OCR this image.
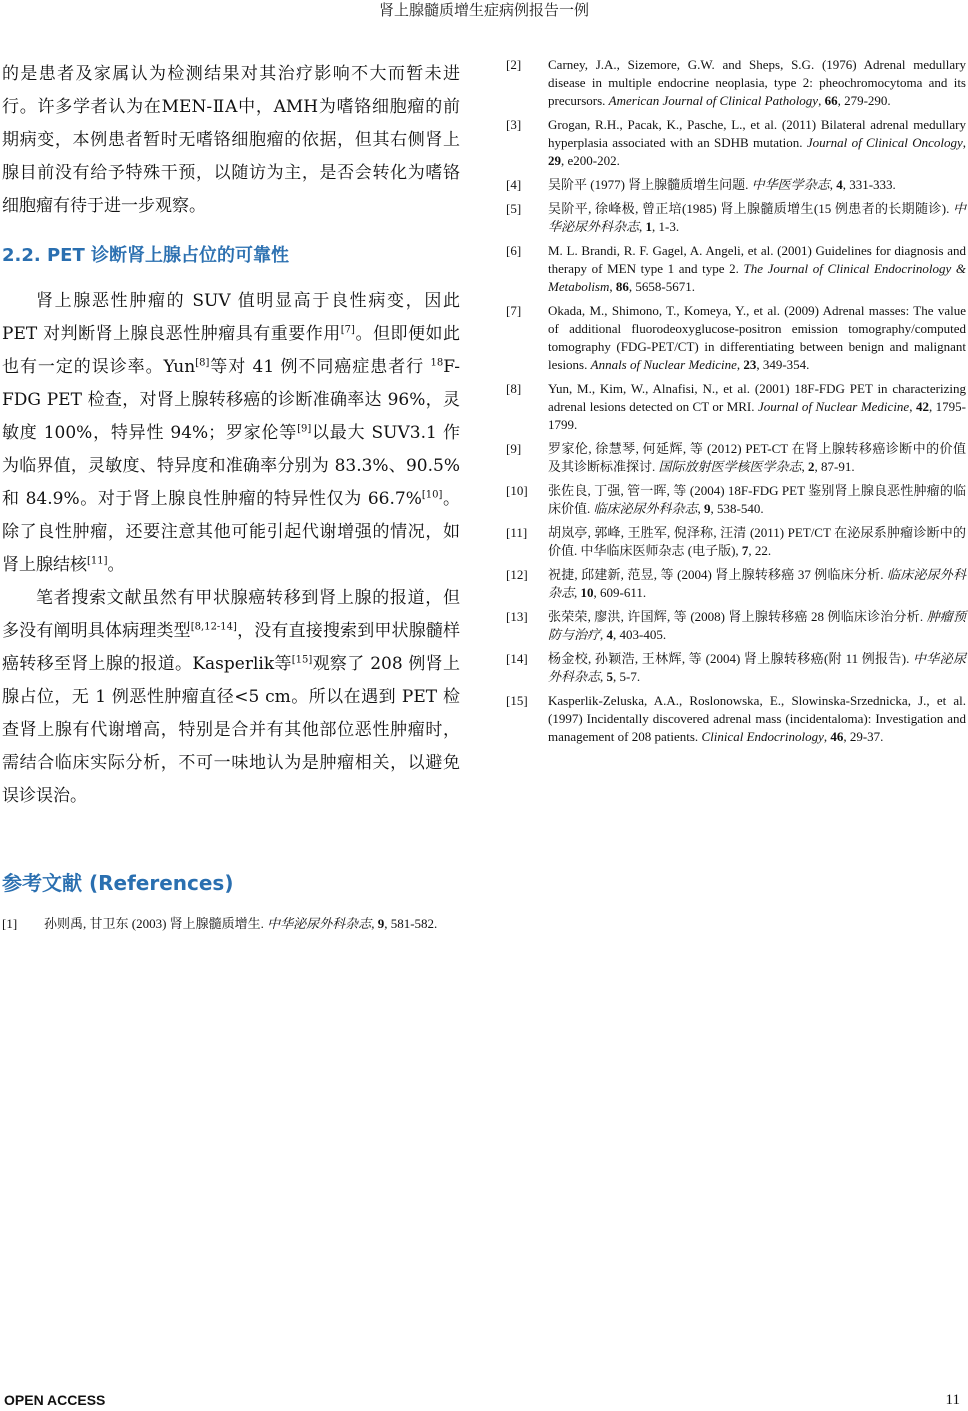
肾上腺髓质增生症病例报告一例

的是患者及家属认为检测结果对其治疗影响不大而暂未进行。许多学者认为在MEN-ⅡA中，AMH为嗜铬细胞瘤的前期病变，本例患者暂时无嗜铬细胞瘤的依据，但其右侧肾上腺目前没有给予特殊干预，以随访为主，是否会转化为嗜铬细胞瘤有待于进一步观察。

2.2. PET 诊断肾上腺占位的可靠性

肾上腺恶性肿瘤的 SUV 值明显高于良性病变，因此 PET 对判断肾上腺良恶性肿瘤具有重要作用[7]。但即便如此也有一定的误诊率。Yun[8]等对 41 例不同癌症患者行 $^{18}$F-FDG PET 检查，对肾上腺转移癌的诊断准确率达 96%，灵敏度 100%，特异性 94%；罗家伦等[9]以最大 SUV3.1 作为临界值，灵敏度、特异度和准确率分别为 83.3%、90.5%和 84.9%。对于肾上腺良性肿瘤的特异性仅为 66.7%[10]。除了良性肿瘤，还要注意其他可能引起代谢增强的情况，如肾上腺结核[11]。

笔者搜索文献虽然有甲状腺癌转移到肾上腺的报道，但多没有阐明具体病理类型[8,12-14]，没有直接搜索到甲状腺髓样癌转移至肾上腺的报道。Kasperlik等[15]观察了 208 例肾上腺占位，无 1 例恶性肿瘤直径<5 cm。所以在遇到 PET 检查肾上腺有代谢增高，特别是合并有其他部位恶性肿瘤时，需结合临床实际分析，不可一味地认为是肿瘤相关，以避免误诊误治。

参考文献 (References)
[1] 孙则禹, 甘卫东 (2003) 肾上腺髓质增生. 中华泌尿外科杂志, 9, 581-582.
[2] Carney, J.A., Sizemore, G.W. and Sheps, S.G. (1976) Adrenal medullary disease in multiple endocrine neoplasia, type 2: pheochromocytoma and its precursors. American Journal of Clinical Pathology, 66, 279-290.
[3] Grogan, R.H., Pacak, K., Pasche, L., et al. (2011) Bilateral adrenal medullary hyperplasia associated with an SDHB mutation. Journal of Clinical Oncology, 29, e200-202.
[4] 吴阶平 (1977) 肾上腺髓质增生问题. 中华医学杂志, 4, 331-333.
[5] 吴阶平, 徐峰极, 曾正培(1985) 肾上腺髓质增生(15 例患者的长期随诊). 中华泌尿外科杂志, 1, 1-3.
[6] M. L. Brandi, R. F. Gagel, A. Angeli, et al. (2001) Guidelines for diagnosis and therapy of MEN type 1 and type 2. The Journal of Clinical Endocrinology & Metabolism, 86, 5658-5671.
[7] Okada, M., Shimono, T., Komeya, Y., et al. (2009) Adrenal masses: The value of additional fluorodeoxyglucose-positron emission tomography/computed tomography (FDG-PET/CT) in differentiating between benign and malignant lesions. Annals of Nuclear Medicine, 23, 349-354.
[8] Yun, M., Kim, W., Alnafisi, N., et al. (2001) 18F-FDG PET in characterizing adrenal lesions detected on CT or MRI. Journal of Nuclear Medicine, 42, 1795-1799.
[9] 罗家伦, 徐慧琴, 何延辉, 等 (2012) PET-CT 在肾上腺转移癌诊断中的价值及其诊断标准探讨. 国际放射医学核医学杂志, 2, 87-91.
[10] 张佐良, 丁强, 管一晖, 等 (2004) 18F-FDG PET 鉴别肾上腺良恶性肿瘤的临床价值. 临床泌尿外科杂志, 9, 538-540.
[11] 胡岚亭, 郭峰, 王胜军, 倪泽称, 汪清 (2011) PET/CT 在泌尿系肿瘤诊断中的价值. 中华临床医师杂志 (电子版), 7, 22.
[12] 祝捷, 邱建新, 范昱, 等 (2004) 肾上腺转移癌 37 例临床分析. 临床泌尿外科杂志, 10, 609-611.
[13] 张荣荣, 廖洪, 许国辉, 等 (2008) 肾上腺转移癌 28 例临床诊治分析. 肿瘤预防与治疗, 4, 403-405.
[14] 杨金校, 孙颖浩, 王林辉, 等 (2004) 肾上腺转移癌(附 11 例报告). 中华泌尿外科杂志, 5, 5-7.
[15] Kasperlik-Zeluska, A.A., Roslonowska, E., Slowinska-Srzednicka, J., et al. (1997) Incidentally discovered adrenal mass (incidentaloma): Investigation and management of 208 patients. Clinical Endocrinology, 46, 29-37.
OPEN ACCESS	11
